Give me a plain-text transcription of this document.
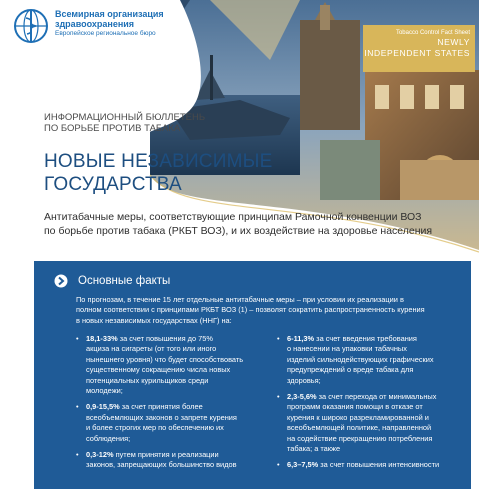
Всемирная организация
здравоохранения
Европейское региональное бюро	Tobacco Control Fact Sheet
NEWLY
INDEPENDENT STATES
ИНФОРМАЦИОННЫЙ БЮЛЛЕТЕНЬ
ПО БОРЬБЕ ПРОТИВ ТАБАКА
НОВЫЕ НЕЗАВИСИМЫЕ
ГОСУДАРСТВА
Антитабачные меры, соответствующие принципам Рамочной конвенции ВОЗ
по борьбе против табака (РКБТ ВОЗ), и их воздействие на здоровье населения
Основные факты
По прогнозам, в течение 15 лет отдельные антитабачные меры – при условии их реализации в
полном соответствии с принципами РКБТ ВОЗ (1) – позволят сократить распространенность курения
в новых независимых государствах (ННГ) на:
• 18,1-33% за счет повышения до 75%
акциза на сигареты (от того или иного
нынешнего уровня) что будет способствовать
существенному сокращению числа новых
потенциальных курильщиков среди
молодежи;
• 0,9-15,5% за счет принятия более
всеобъемлющих законов о запрете курения
и более строгих мер по обеспечению их
соблюдения;
• 0,3-12% путем принятия и реализации
законов, запрещающих большинство видов
• 6-11,3% за счет введения требования
о нанесении на упаковки табачных
изделий сильнодействующих графических
предупреждений о вреде табака для
здоровья;
• 2,3-5,6% за счет перехода от минимальных
программ оказания помощи в отказе от
курения к широко разрекламированной и
всеобъемлющей политике, направленной
на содействие прекращению потребления
табака; а также
• 6,3–7,5% за счет повышения интенсивности
